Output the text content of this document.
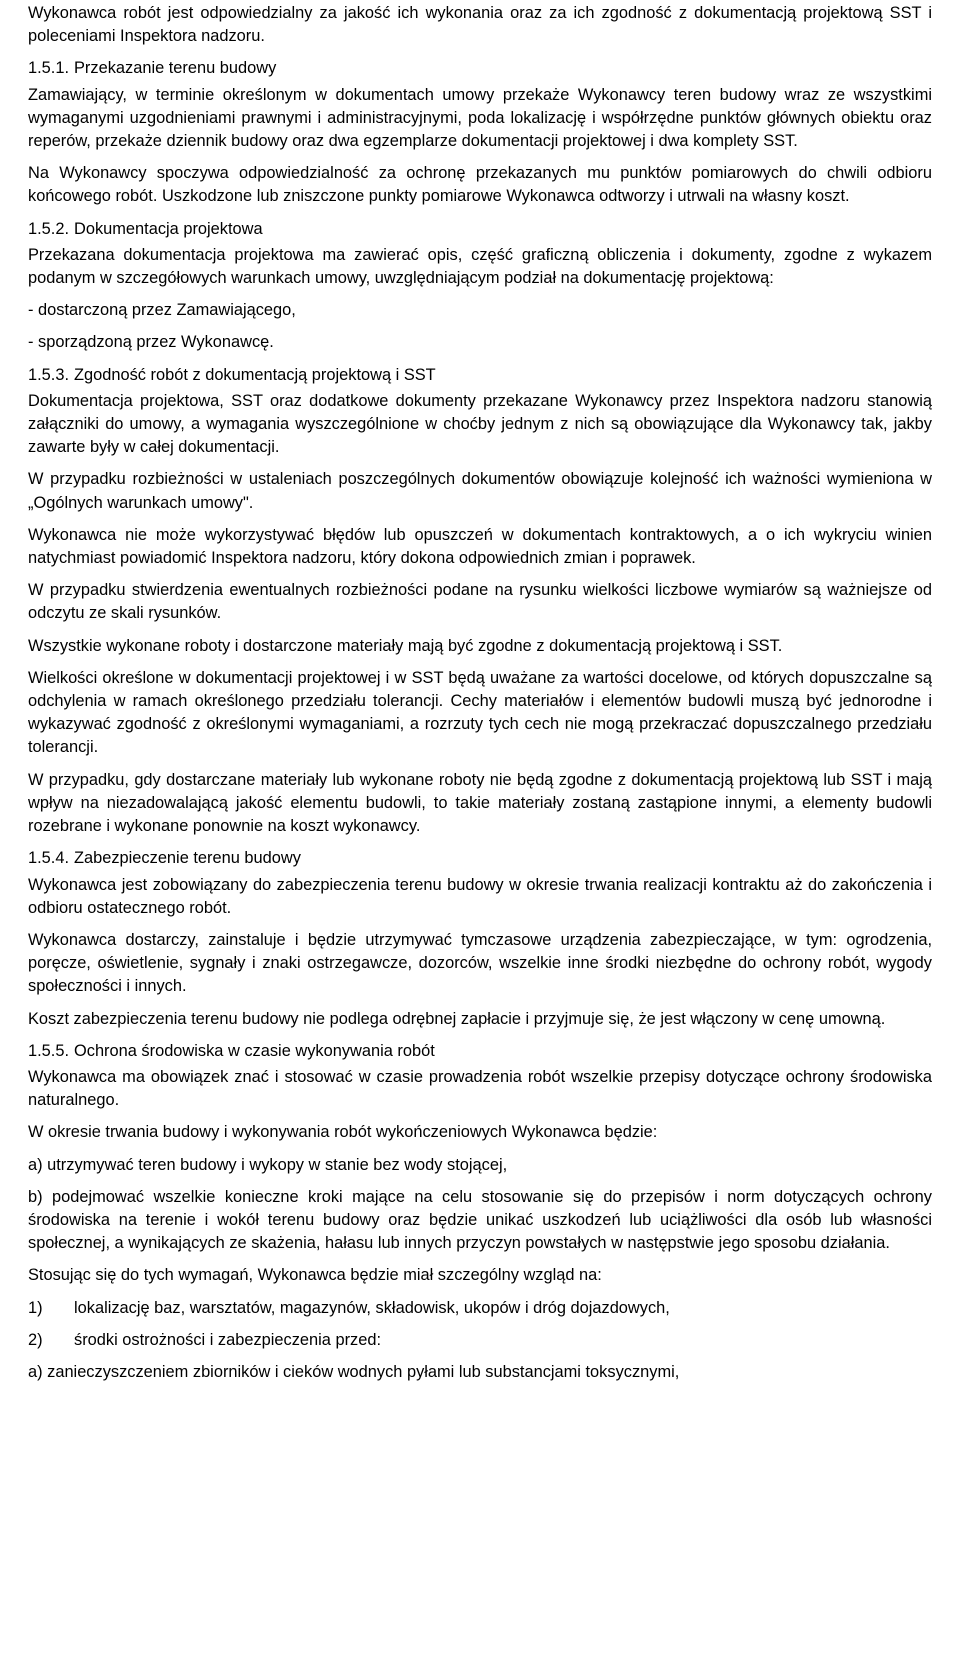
Wykonawca robót jest odpowiedzialny za jakość ich wykonania oraz za ich zgodność z dokumentacją projektową SST i poleceniami Inspektora nadzoru.

1.5.1. Przekazanie terenu budowy

Zamawiający, w terminie określonym w dokumentach umowy przekaże Wykonawcy teren budowy wraz ze wszystkimi wymaganymi uzgodnieniami prawnymi i administracyjnymi, poda lokalizację i współrzędne punktów głównych obiektu oraz reperów, przekaże dziennik budowy oraz dwa egzemplarze dokumentacji projektowej i dwa komplety SST.

Na Wykonawcy spoczywa odpowiedzialność za ochronę przekazanych mu punktów pomiarowych do chwili odbioru końcowego robót. Uszkodzone lub zniszczone punkty pomiarowe Wykonawca odtworzy i utrwali na własny koszt.

1.5.2. Dokumentacja projektowa

Przekazana dokumentacja projektowa ma zawierać opis, część graficzną obliczenia i dokumenty, zgodne z wykazem podanym w szczegółowych warunkach umowy, uwzględniającym podział na dokumentację projektową:

- dostarczoną przez Zamawiającego,

- sporządzoną przez Wykonawcę.

1.5.3. Zgodność robót z dokumentacją projektową i SST

Dokumentacja projektowa, SST oraz dodatkowe dokumenty przekazane Wykonawcy przez Inspektora nadzoru stanowią załączniki do umowy, a wymagania wyszczególnione w choćby jednym z nich są obowiązujące dla Wykonawcy tak, jakby zawarte były w całej dokumentacji.

W przypadku rozbieżności w ustaleniach poszczególnych dokumentów obowiązuje kolejność ich ważności wymieniona w „Ogólnych warunkach umowy".

Wykonawca nie może wykorzystywać błędów lub opuszczeń w dokumentach kontraktowych, a o ich wykryciu winien natychmiast powiadomić Inspektora nadzoru, który dokona odpowiednich zmian i poprawek.

W przypadku stwierdzenia ewentualnych rozbieżności podane na rysunku wielkości liczbowe wymiarów są ważniejsze od odczytu ze skali rysunków.

Wszystkie wykonane roboty i dostarczone materiały mają być zgodne z dokumentacją projektową i SST.

Wielkości określone w dokumentacji projektowej i w SST będą uważane za wartości docelowe, od których dopuszczalne są odchylenia w ramach określonego przedziału tolerancji. Cechy materiałów i elementów budowli muszą być jednorodne i wykazywać zgodność z określonymi wymaganiami, a rozrzuty tych cech nie mogą przekraczać dopuszczalnego przedziału tolerancji.

W przypadku, gdy dostarczane materiały lub wykonane roboty nie będą zgodne z dokumentacją projektową lub SST i mają wpływ na niezadowalającą jakość elementu budowli, to takie materiały zostaną zastąpione innymi, a elementy budowli rozebrane i wykonane ponownie na koszt wykonawcy.

1.5.4. Zabezpieczenie terenu budowy

Wykonawca jest zobowiązany do zabezpieczenia terenu budowy w okresie trwania realizacji kontraktu aż do zakończenia i odbioru ostatecznego robót.

Wykonawca dostarczy, zainstaluje i będzie utrzymywać tymczasowe urządzenia zabezpieczające, w tym: ogrodzenia, poręcze, oświetlenie, sygnały i znaki ostrzegawcze, dozorców, wszelkie inne środki niezbędne do ochrony robót, wygody społeczności i innych.

Koszt zabezpieczenia terenu budowy nie podlega odrębnej zapłacie i przyjmuje się, że jest włączony w cenę umowną.

1.5.5. Ochrona środowiska w czasie wykonywania robót

Wykonawca ma obowiązek znać i stosować w czasie prowadzenia robót wszelkie przepisy dotyczące ochrony środowiska naturalnego.

W okresie trwania budowy i wykonywania robót wykończeniowych Wykonawca będzie:

a) utrzymywać teren budowy i wykopy w stanie bez wody stojącej,

b) podejmować wszelkie konieczne kroki mające na celu stosowanie się do przepisów i norm dotyczących ochrony środowiska na terenie i wokół terenu budowy oraz będzie unikać uszkodzeń lub uciążliwości dla osób lub własności społecznej, a wynikających ze skażenia, hałasu lub innych przyczyn powstałych w następstwie jego sposobu działania.

Stosując się do tych wymagań, Wykonawca będzie miał szczególny wzgląd na:

1) lokalizację baz, warsztatów, magazynów, składowisk, ukopów i dróg dojazdowych,
2) środki ostrożności i zabezpieczenia przed:

a) zanieczyszczeniem zbiorników i cieków wodnych pyłami lub substancjami toksycznymi,
